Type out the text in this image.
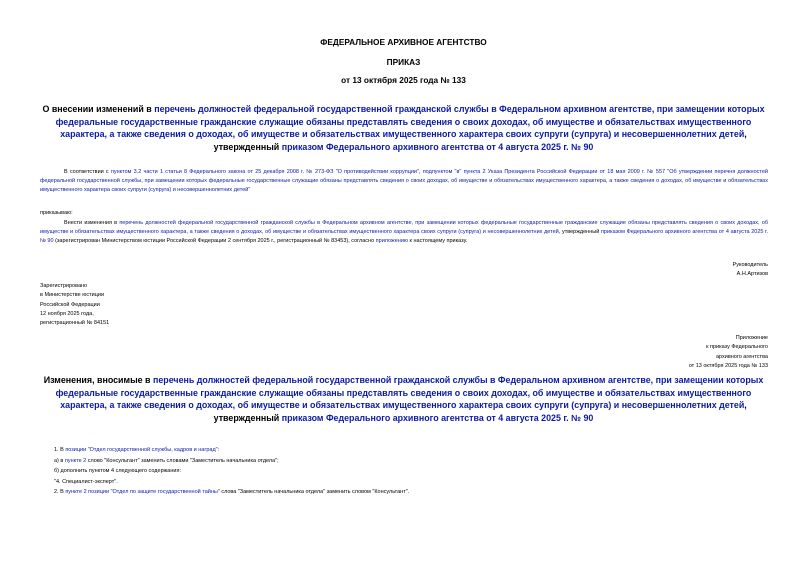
ФЕДЕРАЛЬНОЕ АРХИВНОЕ АГЕНТСТВО
ПРИКАЗ
от 13 октября 2025 года № 133
О внесении изменений в перечень должностей федеральной государственной гражданской службы в Федеральном архивном агентстве, при замещении которых федеральные государственные гражданские служащие обязаны представлять сведения о своих доходах, об имуществе и обязательствах имущественного характера, а также сведения о доходах, об имуществе и обязательствах имущественного характера своих супруги (супруга) и несовершеннолетних детей, утвержденный приказом Федерального архивного агентства от 4 августа 2025 г. № 90
В соответствии с пунктом 3.2 части 1 статьи 8 Федерального закона от 25 декабря 2008 г. № 273-ФЗ "О противодействии коррупции", подпунктом "в" пункта 2 Указа Президента Российской Федерации от 18 мая 2009 г. № 557 "Об утверждении перечня должностей федеральной государственной службы, при замещении которых федеральные государственные служащие обязаны представлять сведения о своих доходах, об имуществе и обязательствах имущественного характера, а также сведения о доходах, об имуществе и обязательствах имущественного характера своих супруги (супруга) и несовершеннолетних детей"
приказываю:
Внести изменения в перечень должностей федеральной государственной гражданской службы в Федеральном архивном агентстве, при замещении которых федеральные государственные гражданские служащие обязаны представлять сведения о своих доходах, об имуществе и обязательствах имущественного характера, а также сведения о доходах, об имуществе и обязательствах имущественного характера своих супруги (супруга) и несовершеннолетних детей, утвержденный приказом Федерального архивного агентства от 4 августа 2025 г. № 90 (зарегистрирован Министерством юстиции Российской Федерации 2 сентября 2025 г., регистрационный № 83453), согласно приложению к настоящему приказу.
Руководитель
А.Н.Артизов
Зарегистрировано
в Министерстве юстиции
Российской Федерации
12 ноября 2025 года,
регистрационный № 84151
Приложение
к приказу Федерального
архивного агентства
от 13 октября 2025 года № 133
Изменения, вносимые в перечень должностей федеральной государственной гражданской службы в Федеральном архивном агентстве, при замещении которых федеральные государственные гражданские служащие обязаны представлять сведения о своих доходах, об имуществе и обязательствах имущественного характера, а также сведения о доходах, об имуществе и обязательствах имущественного характера своих супруги (супруга) и несовершеннолетних детей, утвержденный приказом Федерального архивного агентства от 4 августа 2025 г. № 90
1. В позиции "Отдел государственной службы, кадров и наград":
а) в пункте 2 слово "Консультант" заменить словами "Заместитель начальника отдела";
б) дополнить пунктом 4 следующего содержания:
"4. Специалист-эксперт".
2. В пункте 2 позиции "Отдел по защите государственной тайны" слова "Заместитель начальника отдела" заменить словом "Консультант".
